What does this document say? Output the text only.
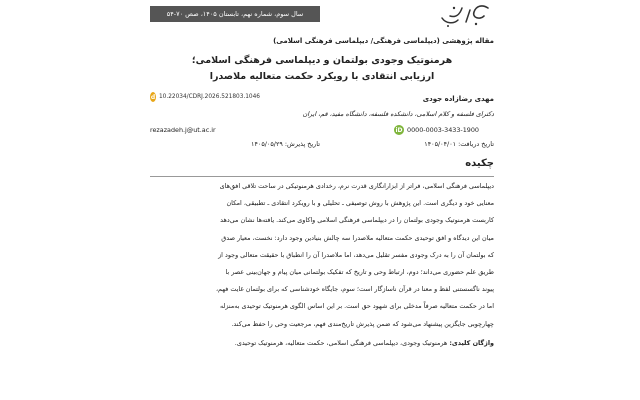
سال سوم، شماره نهم، تابستان ۱۴۰۵، صص ۷۰-۵۴
مقاله پژوهشی (دیپلماسی فرهنگی/ دیپلماسی فرهنگی اسلامی)
هرمنوتیک وجودی بولتمان و دیپلماسی فرهنگی اسلامی؛
ارزیابی انتقادی با رویکرد حکمت متعالیه ملاصدرا
d 10.22034/CDRJ.2026.521803.1046	مهدی رضازاده جودی
دکترای فلسفه و کلام اسلامی، دانشکده فلسفه، دانشگاه مفید، قم، ایران
iD 0000-0003-3433-1900
rezazadeh.j@ut.ac.ir
تاریخ دریافت: ۱۴۰۵/۰۴/۰۱
تاریخ پذیرش: ۱۴۰۵/۰۵/۲۹
چکیده
دیپلماسی فرهنگی اسلامی، فراتر از ابزارانگاری قدرت نرم، رخدادی هرمنوتیکی در ساحت تلاقی افق‌های
معنایی خود و دیگری است. این پژوهش با روش توصیفی ـ تحلیلی و با رویکرد انتقادی ـ تطبیقی، امکان
کاربست هرمنوتیک وجودی بولتمان را در دیپلماسی فرهنگی اسلامی واکاوی می‌کند. یافته‌ها نشان می‌دهد
میان این دیدگاه و افق توحیدی حکمت متعالیه ملاصدرا سه چالش بنیادین وجود دارد: نخست، معیار صدق
که بولتمان آن را به درک وجودی مفسر تقلیل می‌دهد، اما ملاصدرا آن را انطباق با حقیقت متعالی وجود از
طریق علم حضوری می‌داند؛ دوم، ارتباط وحی و تاریخ که تفکیک بولتمانی میان پیام و جهان‌بینی عصر با
پیوند ناگسستنی لفظ و معنا در قرآن ناسازگار است؛ سوم، جایگاه خودشناسی که برای بولتمان غایت فهم،
اما در حکمت متعالیه صرفاً مدخلی برای شهود حق است. بر این اساس الگوی هرمنوتیک توحیدی به‌منزله
چهارچوبی جایگزین پیشنهاد می‌شود که ضمن پذیرش تاریخ‌مندی فهم، مرجعیت وحی را حفظ می‌کند.
واژگان کلیدی: هرمنوتیک وجودی، دیپلماسی فرهنگی اسلامی، حکمت متعالیه، هرمنوتیک توحیدی.
